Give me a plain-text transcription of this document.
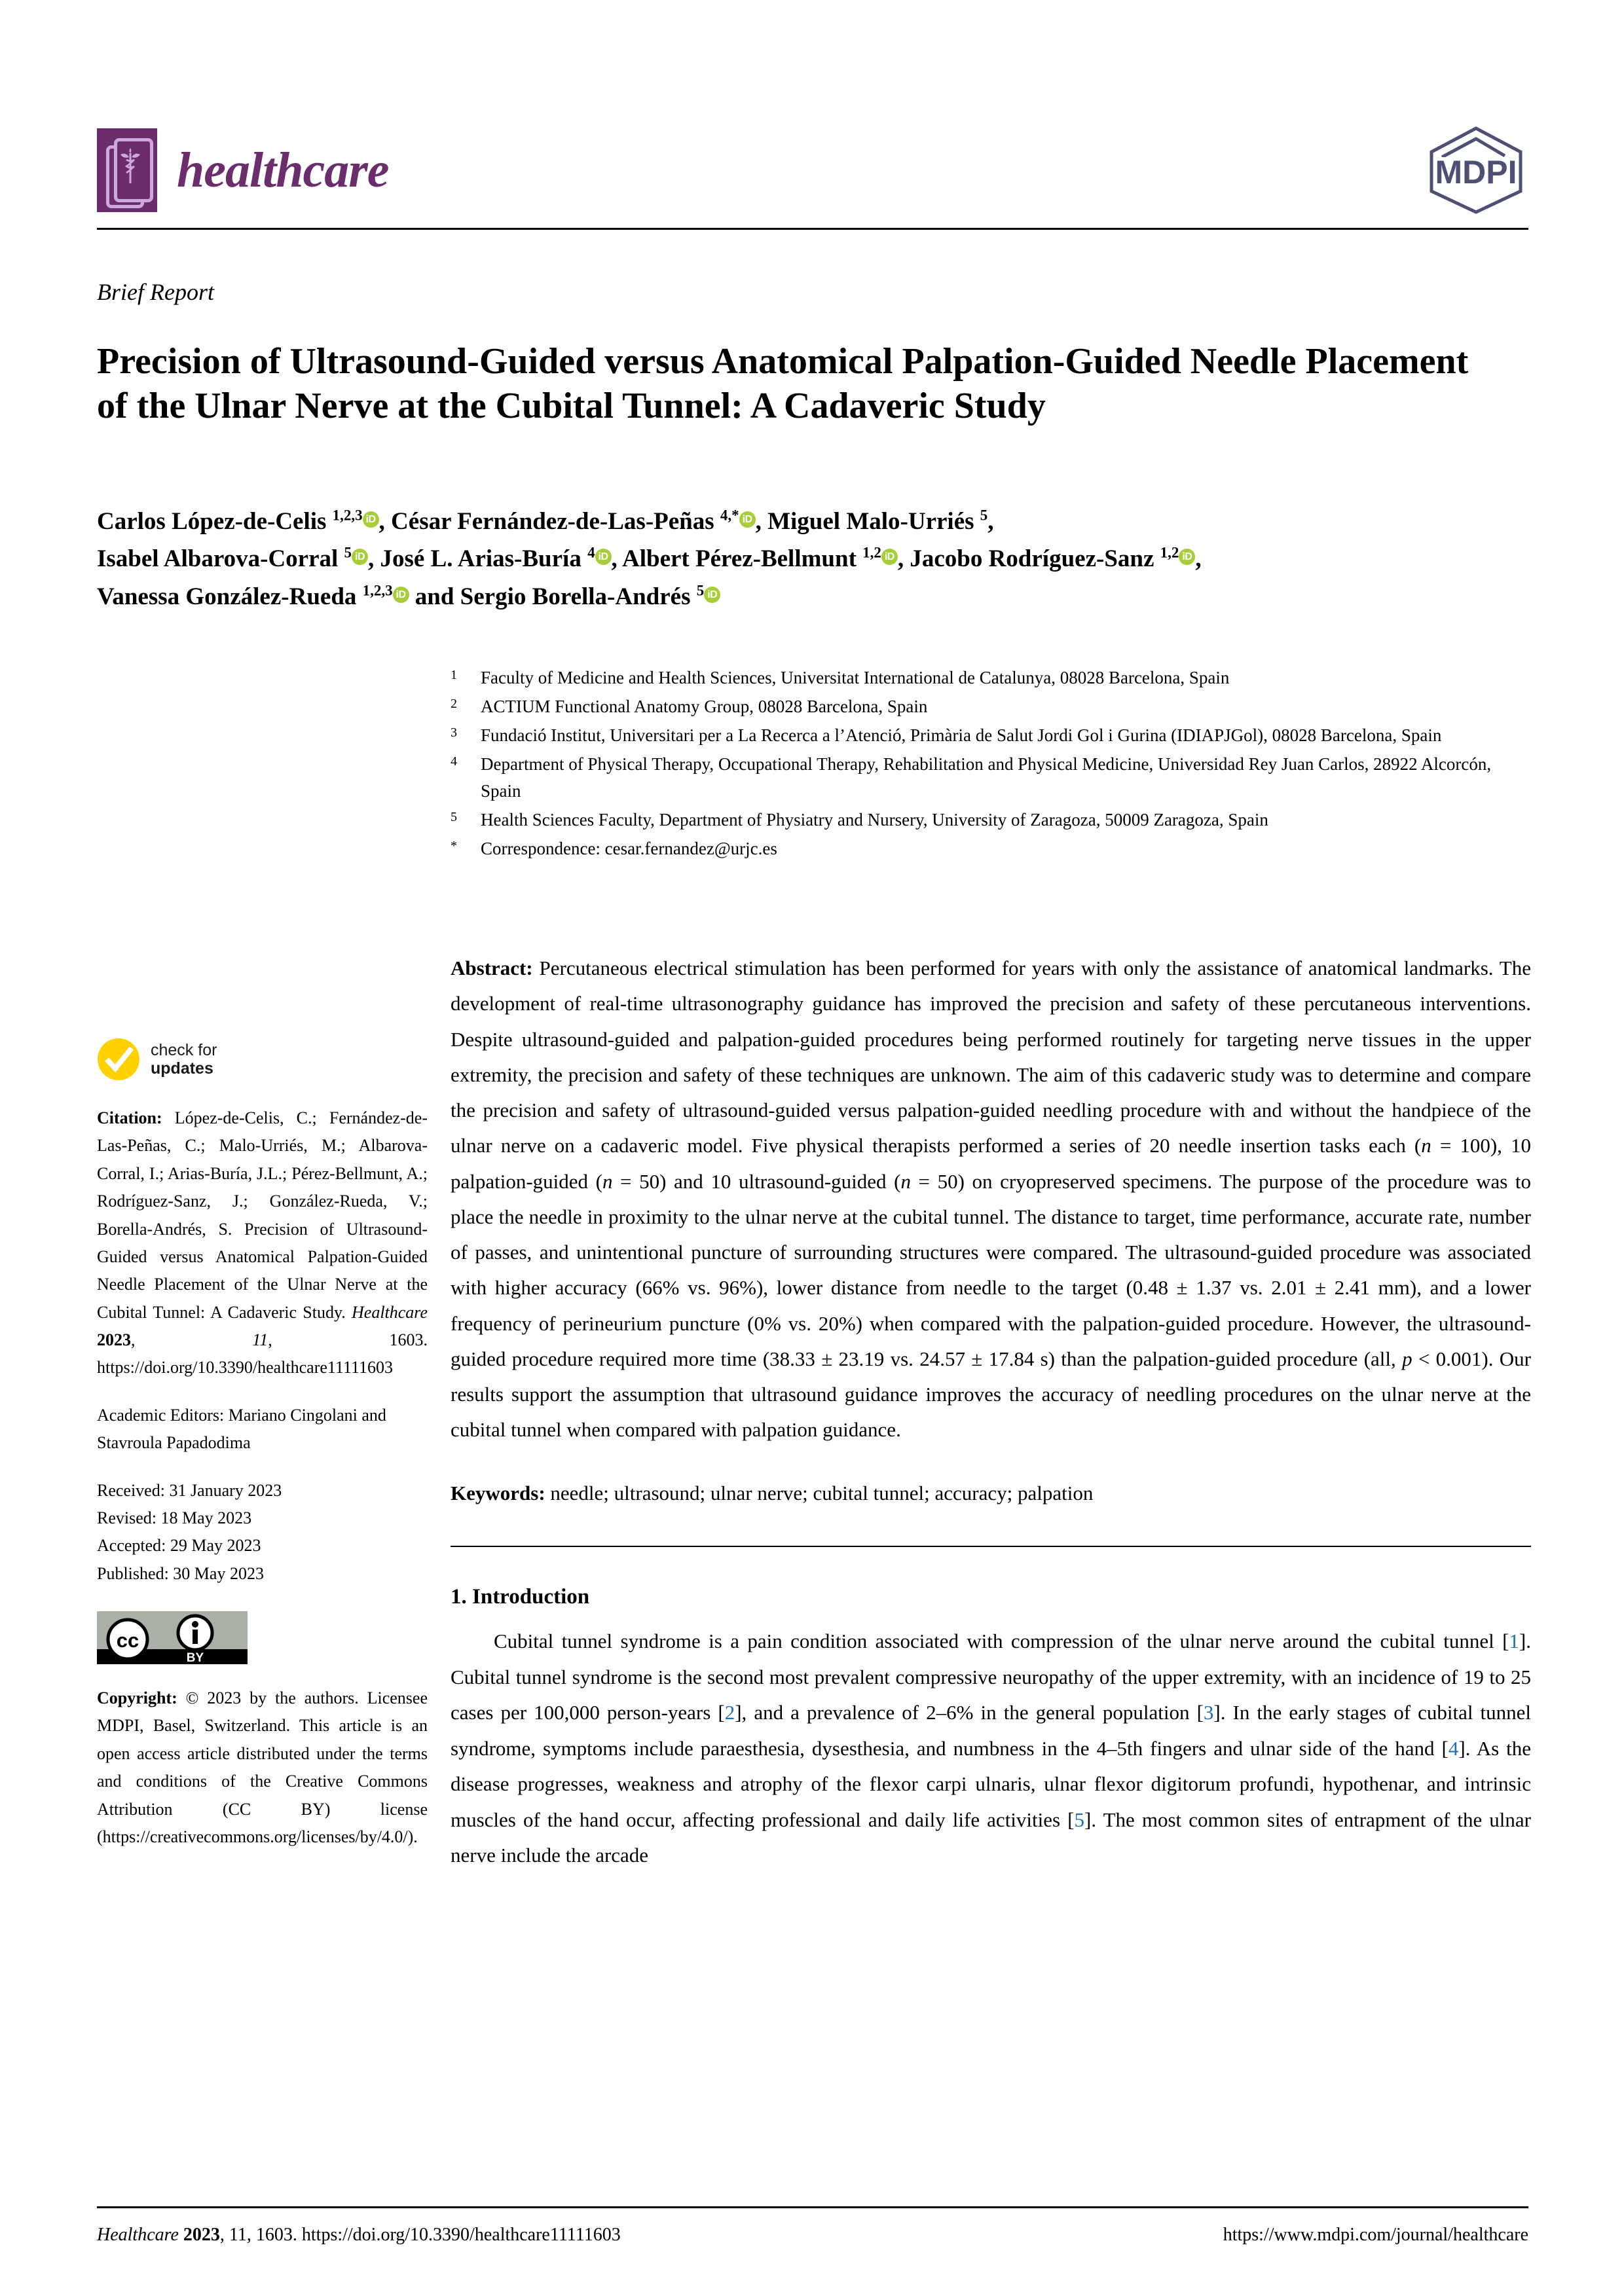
healthcare	MDPI
Brief Report
Precision of Ultrasound-Guided versus Anatomical Palpation-Guided Needle Placement of the Ulnar Nerve at the Cubital Tunnel: A Cadaveric Study
Carlos López-de-Celis $^{1,2,3}$ iD , César Fernández-de-Las-Peñas $^{4,*}$ iD , Miguel Malo-Urriés $^5$,
Isabel Albarova-Corral $^5$ iD , José L. Arias-Buría $^4$ iD , Albert Pérez-Bellmunt $^{1,2}$ iD , Jacobo Rodríguez-Sanz $^{1,2}$ iD ,
Vanessa González-Rueda $^{1,2,3}$ iD and Sergio Borella-Andrés $^5$ iD
1	Faculty of Medicine and Health Sciences, Universitat International de Catalunya, 08028 Barcelona, Spain
2	ACTIUM Functional Anatomy Group, 08028 Barcelona, Spain
3	Fundació Institut, Universitari per a La Recerca a l’Atenció, Primària de Salut Jordi Gol i Gurina (IDIAPJGol), 08028 Barcelona, Spain
4	Department of Physical Therapy, Occupational Therapy, Rehabilitation and Physical Medicine, Universidad Rey Juan Carlos, 28922 Alcorcón, Spain
5	Health Sciences Faculty, Department of Physiatry and Nursery, University of Zaragoza, 50009 Zaragoza, Spain
*	Correspondence: cesar.fernandez@urjc.es
check for
updates
Citation: López-de-Celis, C.; Fernández-de-Las-Peñas, C.; Malo-Urriés, M.; Albarova-Corral, I.; Arias-Buría, J.L.; Pérez-Bellmunt, A.; Rodríguez-Sanz, J.; González-Rueda, V.; Borella-Andrés, S. Precision of Ultrasound-Guided versus Anatomical Palpation-Guided Needle Placement of the Ulnar Nerve at the Cubital Tunnel: A Cadaveric Study. Healthcare 2023, 11, 1603. https://doi.org/10.3390/healthcare11111603
Academic Editors: Mariano Cingolani and Stavroula Papadodima
Received: 31 January 2023
Revised: 18 May 2023
Accepted: 29 May 2023
Published: 30 May 2023
cc
BY
Copyright: © 2023 by the authors. Licensee MDPI, Basel, Switzerland. This article is an open access article distributed under the terms and conditions of the Creative Commons Attribution (CC BY) license (https://creativecommons.org/licenses/by/4.0/).
Abstract: Percutaneous electrical stimulation has been performed for years with only the assistance of anatomical landmarks. The development of real-time ultrasonography guidance has improved the precision and safety of these percutaneous interventions. Despite ultrasound-guided and palpation-guided procedures being performed routinely for targeting nerve tissues in the upper extremity, the precision and safety of these techniques are unknown. The aim of this cadaveric study was to determine and compare the precision and safety of ultrasound-guided versus palpation-guided needling procedure with and without the handpiece of the ulnar nerve on a cadaveric model. Five physical therapists performed a series of 20 needle insertion tasks each (n = 100), 10 palpation-guided (n = 50) and 10 ultrasound-guided (n = 50) on cryopreserved specimens. The purpose of the procedure was to place the needle in proximity to the ulnar nerve at the cubital tunnel. The distance to target, time performance, accurate rate, number of passes, and unintentional puncture of surrounding structures were compared. The ultrasound-guided procedure was associated with higher accuracy (66% vs. 96%), lower distance from needle to the target (0.48 ± 1.37 vs. 2.01 ± 2.41 mm), and a lower frequency of perineurium puncture (0% vs. 20%) when compared with the palpation-guided procedure. However, the ultrasound-guided procedure required more time (38.33 ± 23.19 vs. 24.57 ± 17.84 s) than the palpation-guided procedure (all, p < 0.001). Our results support the assumption that ultrasound guidance improves the accuracy of needling procedures on the ulnar nerve at the cubital tunnel when compared with palpation guidance.
Keywords: needle; ultrasound; ulnar nerve; cubital tunnel; accuracy; palpation
1. Introduction
Cubital tunnel syndrome is a pain condition associated with compression of the ulnar nerve around the cubital tunnel [1]. Cubital tunnel syndrome is the second most prevalent compressive neuropathy of the upper extremity, with an incidence of 19 to 25 cases per 100,000 person-years [2], and a prevalence of 2–6% in the general population [3]. In the early stages of cubital tunnel syndrome, symptoms include paraesthesia, dysesthesia, and numbness in the 4–5th fingers and ulnar side of the hand [4]. As the disease progresses, weakness and atrophy of the flexor carpi ulnaris, ulnar flexor digitorum profundi, hypothenar, and intrinsic muscles of the hand occur, affecting professional and daily life activities [5]. The most common sites of entrapment of the ulnar nerve include the arcade
Healthcare 2023, 11, 1603. https://doi.org/10.3390/healthcare11111603	https://www.mdpi.com/journal/healthcare
